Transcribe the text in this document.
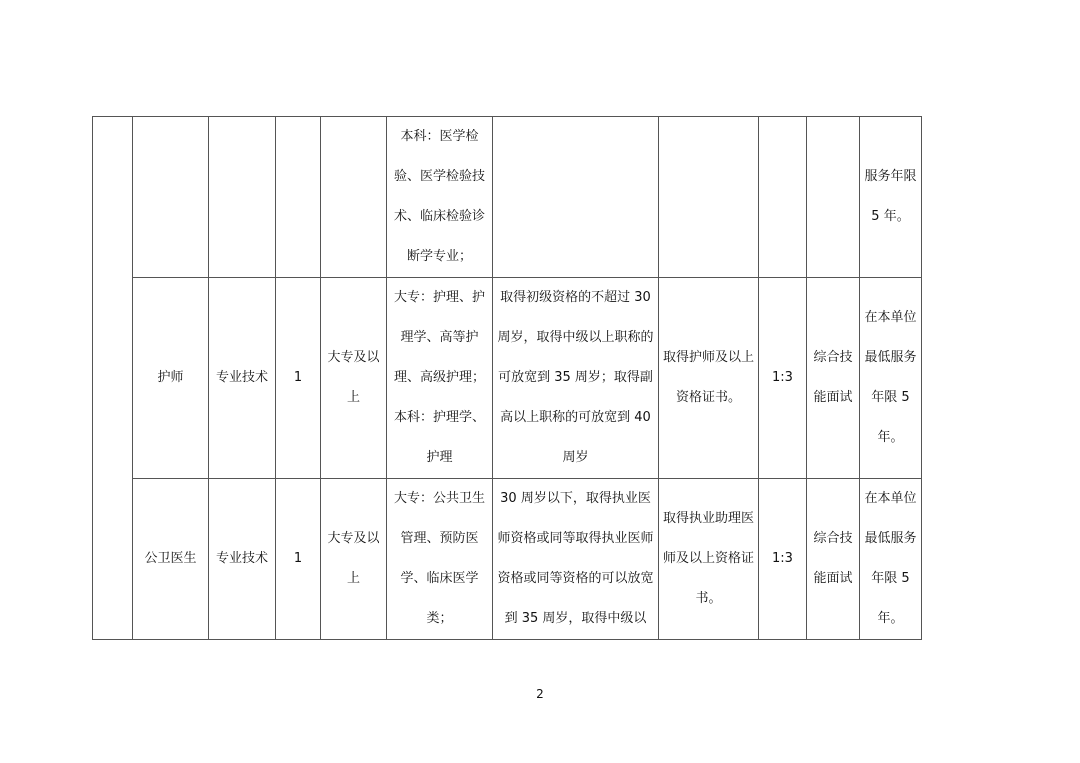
					本科：医学检验、医学检验技术、临床检验诊断学专业；					服务年限 5 年。

	护师	专业技术	1	大专及以上	大专：护理、护理学、高等护理、高级护理；本科：护理学、护理	取得初级资格的不超过 30 周岁，取得中级以上职称的可放宽到 35 周岁；取得副高以上职称的可放宽到 40 周岁	取得护师及以上资格证书。	1:3	综合技能面试	在本单位最低服务年限 5 年。

	公卫医生	专业技术	1	大专及以上	大专：公共卫生管理、预防医学、临床医学类；	30 周岁以下，取得执业医师资格或同等取得执业医师资格或同等资格的可以放宽到 35 周岁，取得中级以	取得执业助理医师及以上资格证书。	1:3	综合技能面试	在本单位最低服务年限 5 年。
2
